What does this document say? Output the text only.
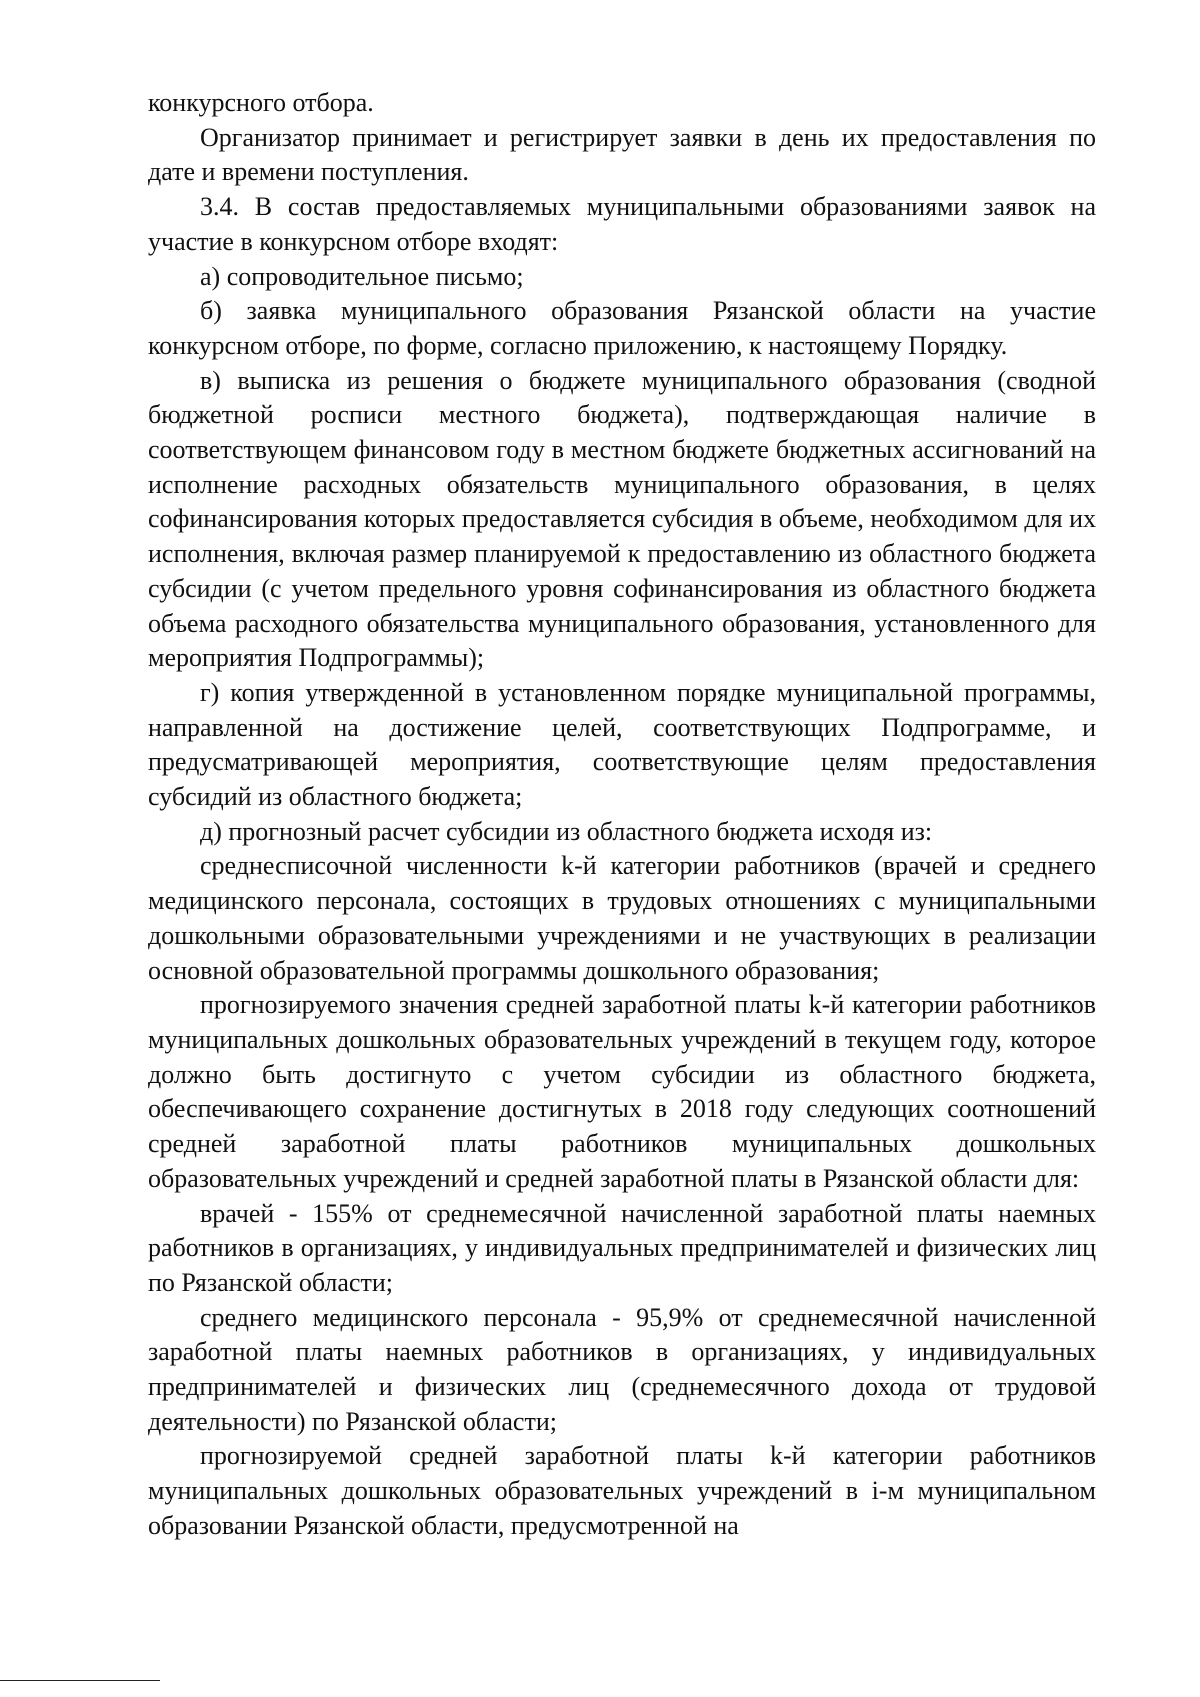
конкурсного отбора.

Организатор принимает и регистрирует заявки в день их предоставления по дате и времени поступления.

3.4. В состав предоставляемых муниципальными образованиями заявок на участие в конкурсном отборе входят:

а) сопроводительное письмо;

б) заявка муниципального образования Рязанской области на участие конкурсном отборе, по форме, согласно приложению, к настоящему Порядку.

в) выписка из решения о бюджете муниципального образования (сводной бюджетной росписи местного бюджета), подтверждающая наличие в соответствующем финансовом году в местном бюджете бюджетных ассигнований на исполнение расходных обязательств муниципального образования, в целях софинансирования которых предоставляется субсидия в объеме, необходимом для их исполнения, включая размер планируемой к предоставлению из областного бюджета субсидии (с учетом предельного уровня софинансирования из областного бюджета объема расходного обязательства муниципального образования, установленного для мероприятия Подпрограммы);

г) копия утвержденной в установленном порядке муниципальной программы, направленной на достижение целей, соответствующих Подпрограмме, и предусматривающей мероприятия, соответствующие целям предоставления субсидий из областного бюджета;

д) прогнозный расчет субсидии из областного бюджета исходя из:

среднесписочной численности k-й категории работников (врачей и среднего медицинского персонала, состоящих в трудовых отношениях с муниципальными дошкольными образовательными учреждениями и не участвующих в реализации основной образовательной программы дошкольного образования;

прогнозируемого значения средней заработной платы k-й категории работников муниципальных дошкольных образовательных учреждений в текущем году, которое должно быть достигнуто с учетом субсидии из областного бюджета, обеспечивающего сохранение достигнутых в 2018 году следующих соотношений средней заработной платы работников муниципальных дошкольных образовательных учреждений и средней заработной платы в Рязанской области для:

врачей - 155% от среднемесячной начисленной заработной платы наемных работников в организациях, у индивидуальных предпринимателей и физических лиц по Рязанской области;

среднего медицинского персонала - 95,9% от среднемесячной начисленной заработной платы наемных работников в организациях, у индивидуальных предпринимателей и физических лиц (среднемесячного дохода от трудовой деятельности) по Рязанской области;

прогнозируемой средней заработной платы k-й категории работников муниципальных дошкольных образовательных учреждений в i-м муниципальном образовании Рязанской области, предусмотренной на
